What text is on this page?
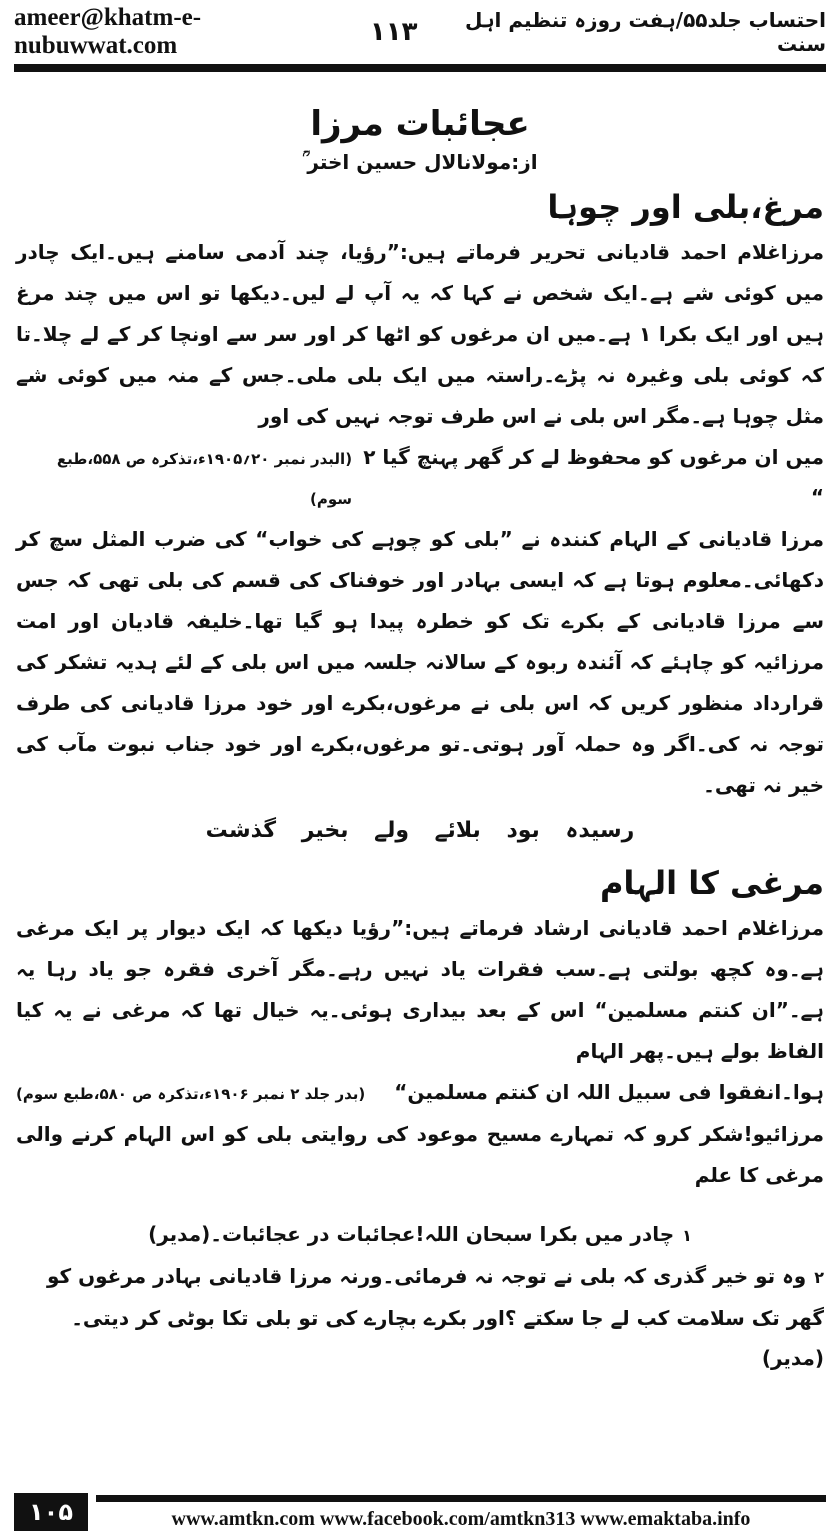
ameer@khatm-e-nubuwwat.com	۱۱۳	احتساب جلد۵۵/ہفت روزہ تنظیم اہل سنت
عجائبات مرزا

از:مولانالال حسین اختر ؒ

مرغ،بلی اور چوہا

مرزاغلام احمد قادیانی تحریر فرماتے ہیں:”رؤیا، چند آدمی سامنے ہیں۔ایک چادر میں کوئی شے ہے۔ایک شخص نے کہا کہ یہ آپ لے لیں۔دیکھا تو اس میں چند مرغ ہیں اور ایک بکرا ۱ ہے۔میں ان مرغوں کو اٹھا کر اور سر سے اونچا کر کے لے چلا۔تا کہ کوئی بلی وغیرہ نہ پڑے۔راستہ میں ایک بلی ملی۔جس کے منہ میں کوئی شے مثل چوہا ہے۔مگر اس بلی نے اس طرف توجہ نہیں کی اور

میں ان مرغوں کو محفوظ لے کر گھر پہنچ گیا ۲ “
(البدر نمبر ۲۰؍۱۹۰۵ء،تذکرہ ص ۵۵۸،طبع سوم)

مرزا قادیانی کے الہام کنندہ نے ”بلی کو چوہے کی خواب“ کی ضرب المثل سچ کر دکھائی۔معلوم ہوتا ہے کہ ایسی بہادر اور خوفناک کی قسم کی بلی تھی کہ جس سے مرزا قادیانی کے بکرے تک کو خطرہ پیدا ہو گیا تھا۔خلیفہ قادیان اور امت مرزائیہ کو چاہئے کہ آئندہ ربوہ کے سالانہ جلسہ میں اس بلی کے لئے ہدیہ تشکر کی قرارداد منظور کریں کہ اس بلی نے مرغوں،بکرے اور خود مرزا قادیانی کی طرف توجہ نہ کی۔اگر وہ حملہ آور ہوتی۔تو مرغوں،بکرے اور خود جناب نبوت مآب کی خیر نہ تھی۔

رسیدہ بود بلائے ولے بخیر گذشت

مرغی کا الہام

مرزاغلام احمد قادیانی ارشاد فرماتے ہیں:”رؤیا دیکھا کہ ایک دیوار پر ایک مرغی ہے۔وہ کچھ بولتی ہے۔سب فقرات یاد نہیں رہے۔مگر آخری فقرہ جو یاد رہا یہ ہے۔”ان کنتم مسلمین“ اس کے بعد بیداری ہوئی۔یہ خیال تھا کہ مرغی نے یہ کیا الفاظ بولے ہیں۔پھر الہام

ہوا۔انفقوا فی سبیل اللہ ان کنتم مسلمین“
(بدر جلد ۲ نمبر ۱۹۰۶ء،تذکرہ ص ۵۸۰،طبع سوم)

مرزائیو!شکر کرو کہ تمہارے مسیح موعود کی روایتی بلی کو اس الہام کرنے والی مرغی کا علم

۱چادر میں بکرا سبحان اللہ!عجائبات در عجائبات۔(مدیر)

۲وہ تو خیر گذری کہ بلی نے توجہ نہ فرمائی۔ورنہ مرزا قادیانی بہادر مرغوں کو گھر تک سلامت کب لے جا سکتے ؟اور بکرے بچارے کی تو بلی تکا بوٹی کر دیتی۔(مدیر)

۱۰۵	www.amtkn.com www.facebook.com/amtkn313 www.emaktaba.info
